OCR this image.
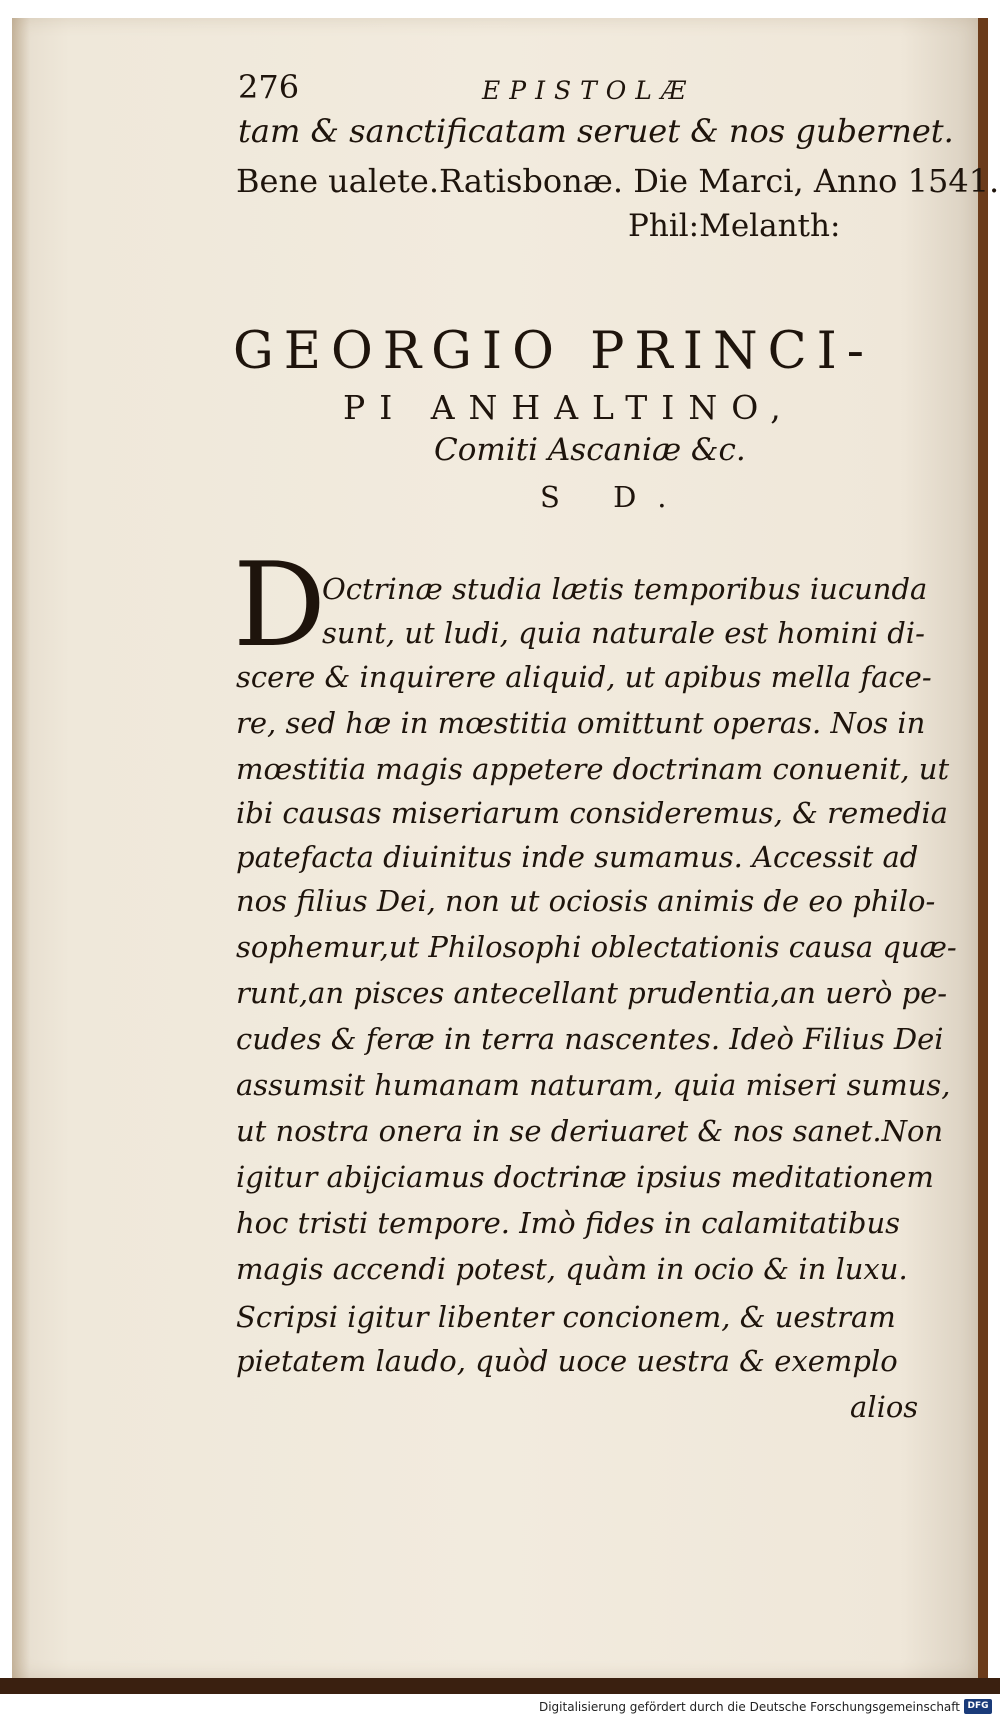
276	EPISTOLÆ
tam & sanctificatam seruet & nos gubernet.
Bene ualete.Ratisbonæ. Die Marci, Anno 1541.
Phil:Melanth:
GEORGIO PRINCI-
PI ANHALTINO,
Comiti Ascaniæ &c.
S D.
D
Octrinæ studia lætis temporibus iucunda
sunt, ut ludi, quia naturale est homini di-
scere & inquirere aliquid, ut apibus mella face-
re, sed hæ in mœstitia omittunt operas. Nos in
mœstitia magis appetere doctrinam conuenit, ut
ibi causas miseriarum consideremus, & remedia
patefacta diuinitus inde sumamus. Accessit ad
nos filius Dei, non ut ociosis animis de eo philo-
sophemur,ut Philosophi oblectationis causa quæ-
runt,an pisces antecellant prudentia,an uerò pe-
cudes & feræ in terra nascentes. Ideò Filius Dei
assumsit humanam naturam, quia miseri sumus,
ut nostra onera in se deriuaret & nos sanet.Non
igitur abijciamus doctrinæ ipsius meditationem
hoc tristi tempore. Imò fides in calamitatibus
magis accendi potest, quàm in ocio & in luxu.
Scripsi igitur libenter concionem, & uestram
pietatem laudo, quòd uoce uestra & exemplo
alios
Digitalisierung gefördert durch die Deutsche Forschungsgemeinschaft DFG
